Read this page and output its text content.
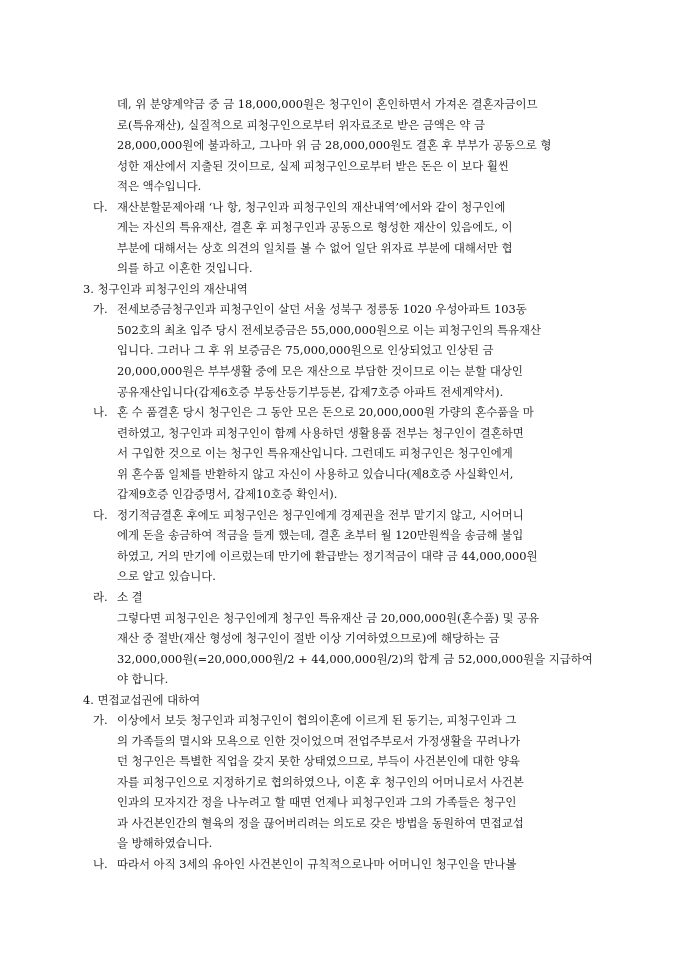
데, 위 분양계약금 중 금 18,000,000원은 청구인이 혼인하면서 가져온 결혼자금이므
로(특유재산), 실질적으로 피청구인으로부터 위자료조로 받은 금액은 약 금
28,000,000원에 불과하고, 그나마 위 금 28,000,000원도 결혼 후 부부가 공동으로 형
성한 재산에서 지출된 것이므로, 실제 피청구인으로부터 받은 돈은 이 보다 훨씬
적은 액수입니다.
다. 재산분할문제아래 ‘나 항, 청구인과 피청구인의 재산내역’에서와 같이 청구인에
게는 자신의 특유재산, 결혼 후 피청구인과 공동으로 형성한 재산이 있음에도, 이
부분에 대해서는 상호 의견의 일치를 볼 수 없어 일단 위자료 부분에 대해서만 협
의를 하고 이혼한 것입니다.
3. 청구인과 피청구인의 재산내역
가. 전세보증금청구인과 피청구인이 살던 서울 성북구 정릉동 1020 우성아파트 103동
502호의 최초 입주 당시 전세보증금은 55,000,000원으로 이는 피청구인의 특유재산
입니다. 그러나 그 후 위 보증금은 75,000,000원으로 인상되었고 인상된 금
20,000,000원은 부부생활 중에 모은 재산으로 부담한 것이므로 이는 분할 대상인
공유재산입니다(갑제6호증 부동산등기부등본, 갑제7호증 아파트 전세계약서).
나. 혼 수 품결혼 당시 청구인은 그 동안 모은 돈으로 20,000,000원 가량의 혼수품을 마
련하였고, 청구인과 피청구인이 함께 사용하던 생활용품 전부는 청구인이 결혼하면
서 구입한 것으로 이는 청구인 특유재산입니다. 그런데도 피청구인은 청구인에게
위 혼수품 일체를 반환하지 않고 자신이 사용하고 있습니다(제8호증 사실확인서,
갑제9호증 인감증명서, 갑제10호증 확인서).
다. 정기적금결혼 후에도 피청구인은 청구인에게 경제권을 전부 맡기지 않고, 시어머니
에게 돈을 송금하여 적금을 들게 했는데, 결혼 초부터 월 120만원씩을 송금해 불입
하였고, 거의 만기에 이르렀는데 만기에 환급받는 정기적금이 대략 금 44,000,000원
으로 알고 있습니다.
라. 소 결
그렇다면 피청구인은 청구인에게 청구인 특유재산 금 20,000,000원(혼수품) 및 공유
재산 중 절반(재산 형성에 청구인이 절반 이상 기여하였으므로)에 해당하는 금
32,000,000원(=20,000,000원/2 + 44,000,000원/2)의 합계 금 52,000,000원을 지급하여
야 합니다.
4. 면접교섭권에 대하여
가. 이상에서 보듯 청구인과 피청구인이 협의이혼에 이르게 된 동기는, 피청구인과 그
의 가족들의 멸시와 모욕으로 인한 것이었으며 전업주부로서 가정생활을 꾸려나가
던 청구인은 특별한 직업을 갖지 못한 상태였으므로, 부득이 사건본인에 대한 양육
자를 피청구인으로 지정하기로 협의하였으나, 이혼 후 청구인의 어머니로서 사건본
인과의 모자지간 정을 나누려고 할 때면 언제나 피청구인과 그의 가족들은 청구인
과 사건본인간의 혈육의 정을 끊어버리려는 의도로 갖은 방법을 동원하여 면접교섭
을 방해하였습니다.
나. 따라서 아직 3세의 유아인 사건본인이 규칙적으로나마 어머니인 청구인을 만나볼
